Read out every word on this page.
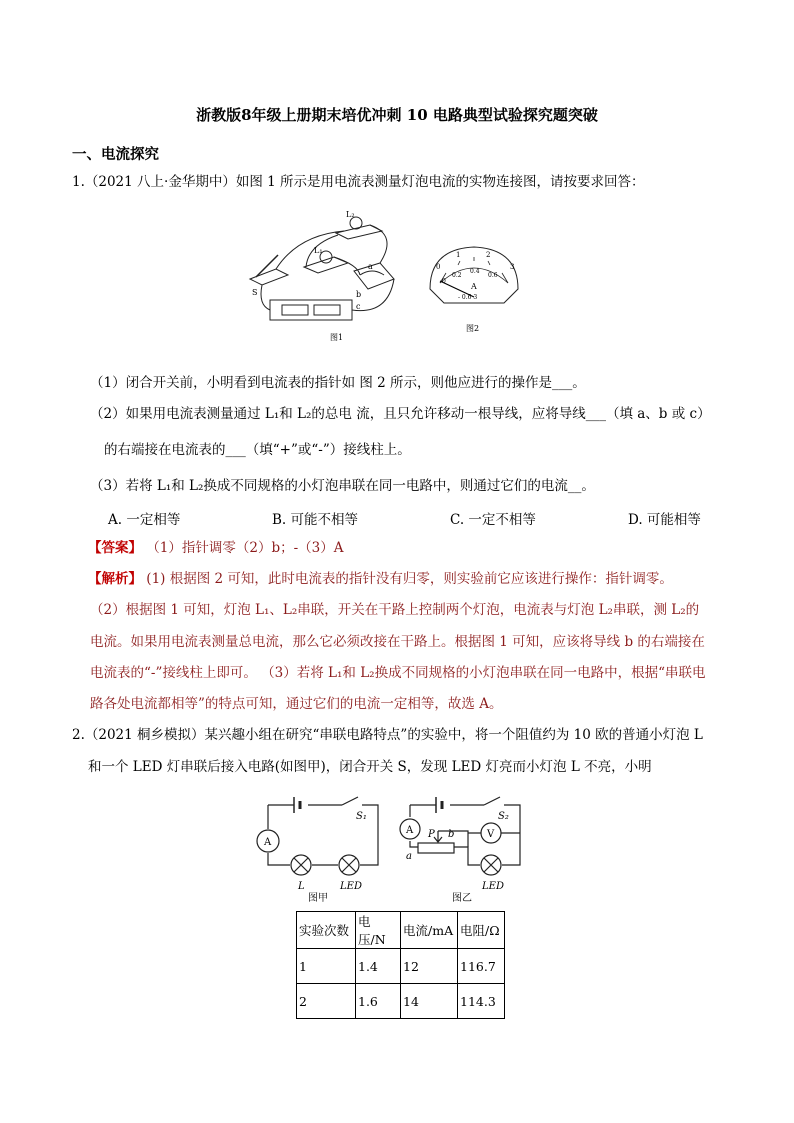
浙教版8年级上册期末培优冲刺 10 电路典型试验探究题突破
一、电流探究
1.（2021 八上·金华期中）如图 1 所示是用电流表测量灯泡电流的实物连接图，请按要求回答：
L₂
L₁
S
a
b
c
图1
0
1	2
3
0
0.2
0.4
0.6
A
- 0.6 3
图2
（1）闭合开关前，小明看到电流表的指针如 图 2 所示，则他应进行的操作是___。
（2）如果用电流表测量通过 L₁和 L₂的总电 流，且只允许移动一根导线，应将导线___（填 a、b 或 c）
的右端接在电流表的___（填“+”或“-”）接线柱上。
（3）若将 L₁和 L₂换成不同规格的小灯泡串联在同一电路中，则通过它们的电流__。
A. 一定相等	B. 可能不相等	C. 一定不相等	D. 可能相等
【答案】 （1）指针调零（2）b；-（3）A
【解析】 (1) 根据图 2 可知，此时电流表的指针没有归零，则实验前它应该进行操作：指针调零。
（2）根据图 1 可知，灯泡 L₁、L₂串联，开关在干路上控制两个灯泡，电流表与灯泡 L₂串联，测 L₂的
电流。如果用电流表测量总电流，那么它必须改接在干路上。根据图 1 可知，应该将导线 b 的右端接在
电流表的“-”接线柱上即可。 （3）若将 L₁和 L₂换成不同规格的小灯泡串联在同一电路中，根据“串联电
路各处电流都相等”的特点可知，通过它们的电流一定相等，故选 A。
2.（2021 桐乡模拟）某兴趣小组在研究“串联电路特点”的实验中，将一个阻值约为 10 欧的普通小灯泡 L
和一个 LED 灯串联后接入电路(如图甲)，闭合开关 S，发现 LED 灯亮而小灯泡 L 不亮，小明
A
S₁
L	LED
图甲
A	V
S₂
a
P b
LED
图乙
实验次数	电压/N	电流/mA	电阻/Ω
1	1.4	12	116.7
2	1.6	14	114.3
